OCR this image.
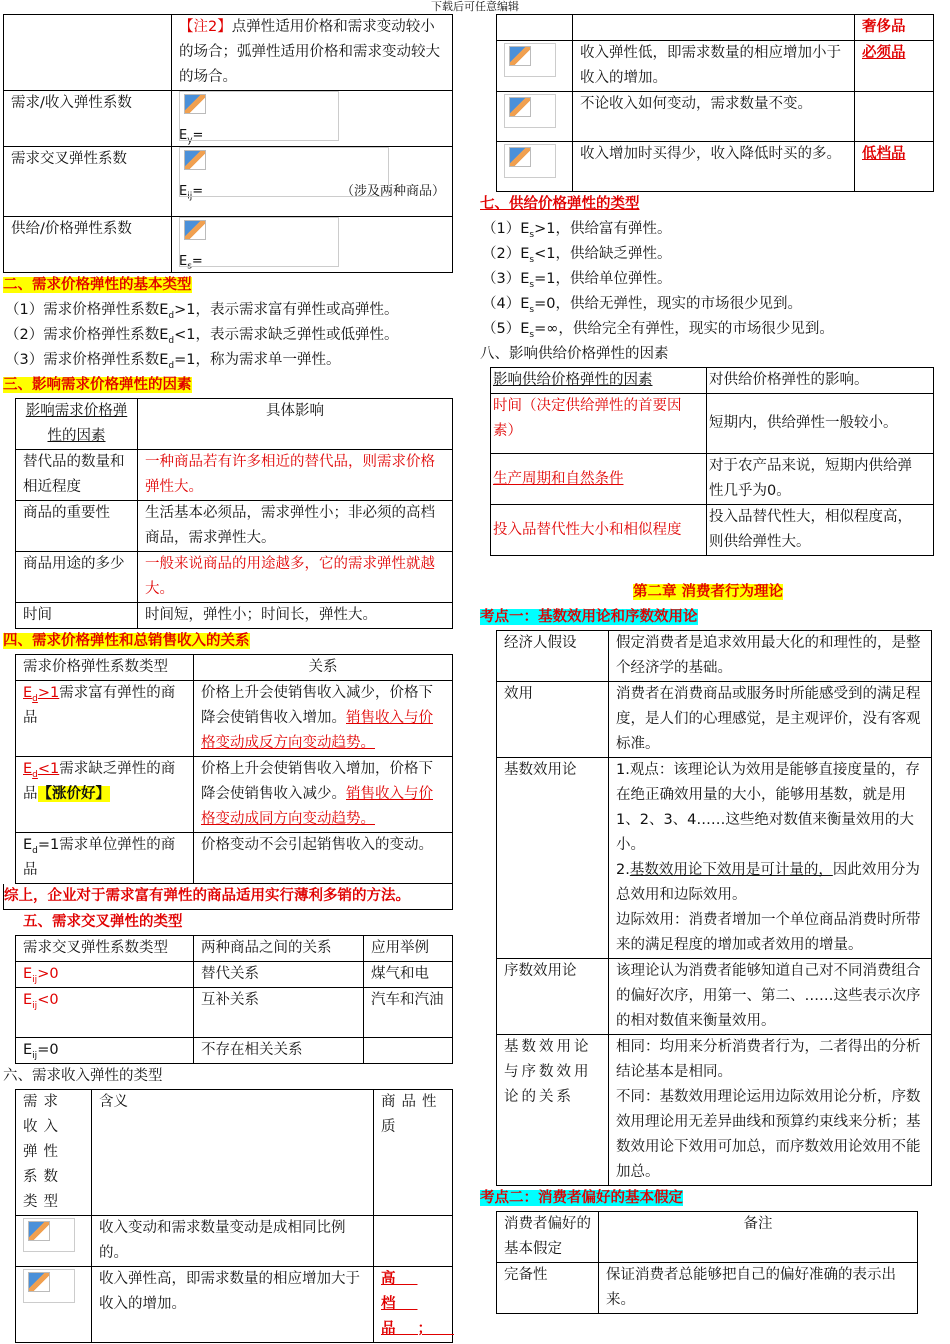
下载后可任意编辑
	【注2】点弹性适用价格和需求变动较小的场合；弧弹性适用价格和需求变动较大的场合。
需求/收入弹性系数	$E_y=$

需求交叉弹性系数	$E_{ij}=$ （涉及两种商品）

供给/价格弹性系数	$E_s=$
二、需求价格弹性的基本类型
（1）需求价格弹性系数$E_d>1$，表示需求富有弹性或高弹性。
（2）需求价格弹性系数$E_d<1$，表示需求缺乏弹性或低弹性。
（3）需求价格弹性系数$E_d=1$，称为需求单一弹性。
三、影响需求价格弹性的因素
影响需求价格弹性的因素	具体影响
替代品的数量和相近程度	一种商品若有许多相近的替代品，则需求价格弹性大。
商品的重要性	生活基本必须品，需求弹性小；非必须的高档商品，需求弹性大。
商品用途的多少	一般来说商品的用途越多，它的需求弹性就越大。
时间	时间短，弹性小；时间长，弹性大。
四、需求价格弹性和总销售收入的关系
需求价格弹性系数类型	关系
$E_d>1$需求富有弹性的商品	价格上升会使销售收入减少，价格下降会使销售收入增加。销售收入与价格变动成反方向变动趋势。
$E_d<1$需求缺乏弹性的商品【涨价好】	价格上升会使销售收入增加，价格下降会使销售收入减少。销售收入与价格变动成同方向变动趋势。
$E_d=1$需求单位弹性的商品	价格变动不会引起销售收入的变动。
综上，企业对于需求富有弹性的商品适用实行薄利多销的方法。
五、需求交叉弹性的类型
需求交叉弹性系数类型	两种商品之间的关系	应用举例
$E_{ij}>0$	替代关系	煤气和电
$E_{ij}<0$	互补关系	汽车和汽油
$E_{ij}=0$	不存在相关关系	
六、需求收入弹性的类型
需求收入弹性系数类型	含义	商品性质

	收入变动和需求数量变动是成相同比例的。	

	收入弹性高，即需求数量的相应增加大于收入的增加。	高档品；
		奢侈品

	收入弹性低，即需求数量的相应增加小于收入的增加。	必须品

	不论收入如何变动，需求数量不变。	

	收入增加时买得少，收入降低时买的多。	低档品
七、供给价格弹性的类型
$(1)E_s>1$，供给富有弹性。
$(2)E_s<1$，供给缺乏弹性。
$(3)E_s=1$，供给单位弹性。
$(4)E_s=0$，供给无弹性，现实的市场很少见到。
$(5)E_s=\infty$，供给完全有弹性，现实的市场很少见到。
八、影响供给价格弹性的因素
影响供给价格弹性的因素	对供给价格弹性的影响。
时间（决定供给弹性的首要因素）	短期内，供给弹性一般较小。
生产周期和自然条件	对于农产品来说，短期内供给弹性几乎为0。
投入品替代性大小和相似程度	投入品替代性大，相似程度高，则供给弹性大。
第二章 消费者行为理论
考点一：基数效用论和序数效用论
经济人假设	假定消费者是追求效用最大化的和理性的，是整个经济学的基础。
效用	消费者在消费商品或服务时所能感受到的满足程度，是人们的心理感觉，是主观评价，没有客观标准。
基数效用论	1.观点：该理论认为效用是能够直接度量的，存在绝正确效用量的大小，能够用基数，就是用1、2、3、4……这些绝对数值来衡量效用的大小。
2.基数效用论下效用是可计量的，因此效用分为总效用和边际效用。
边际效用：消费者增加一个单位商品消费时所带来的满足程度的增加或者效用的增量。

序数效用论	该理论认为消费者能够知道自己对不同消费组合的偏好次序，用第一、第二、……这些表示次序的相对数值来衡量效用。
基数效用论与序数效用论的关系	相同：均用来分析消费者行为，二者得出的分析结论基本是相同。
不同：基数效用理论运用边际效用论分析，序数效用理论用无差异曲线和预算约束线来分析；基数效用论下效用可加总，而序数效用论效用不能加总。
考点二：消费者偏好的基本假定
消费者偏好的基本假定	备注
完备性	保证消费者总能够把自己的偏好准确的表示出来。
